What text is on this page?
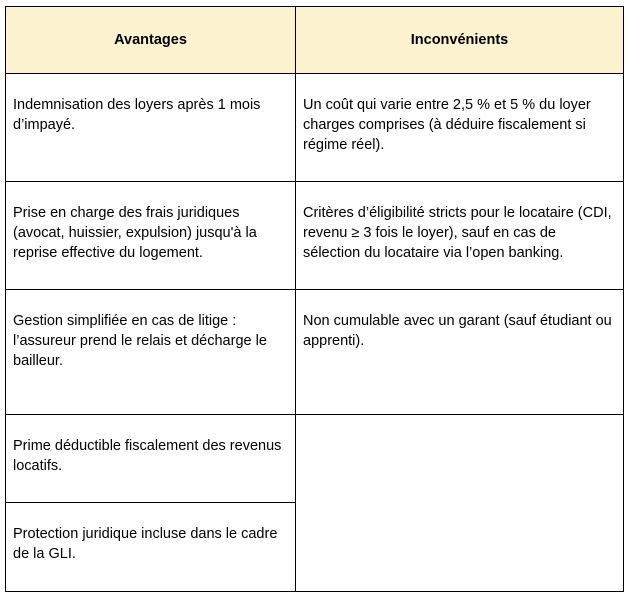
Avantages	Inconvénients

Indemnisation des loyers après 1 mois d’impayé.	Un coût qui varie entre 2,5 % et 5 % du loyer charges comprises (à déduire fiscalement si régime réel).

Prise en charge des frais juridiques (avocat, huissier, expulsion) jusqu'à la reprise effective du logement.	Critères d’éligibilité stricts pour le locataire (CDI, revenu ≥ 3 fois le loyer), sauf en cas de sélection du locataire via l’open banking.

Gestion simplifiée en cas de litige : l’assureur prend le relais et décharge le bailleur.	Non cumulable avec un garant (sauf étudiant ou apprenti).

Prime déductible fiscalement des revenus locatifs.	

Protection juridique incluse dans le cadre de la GLI.	
